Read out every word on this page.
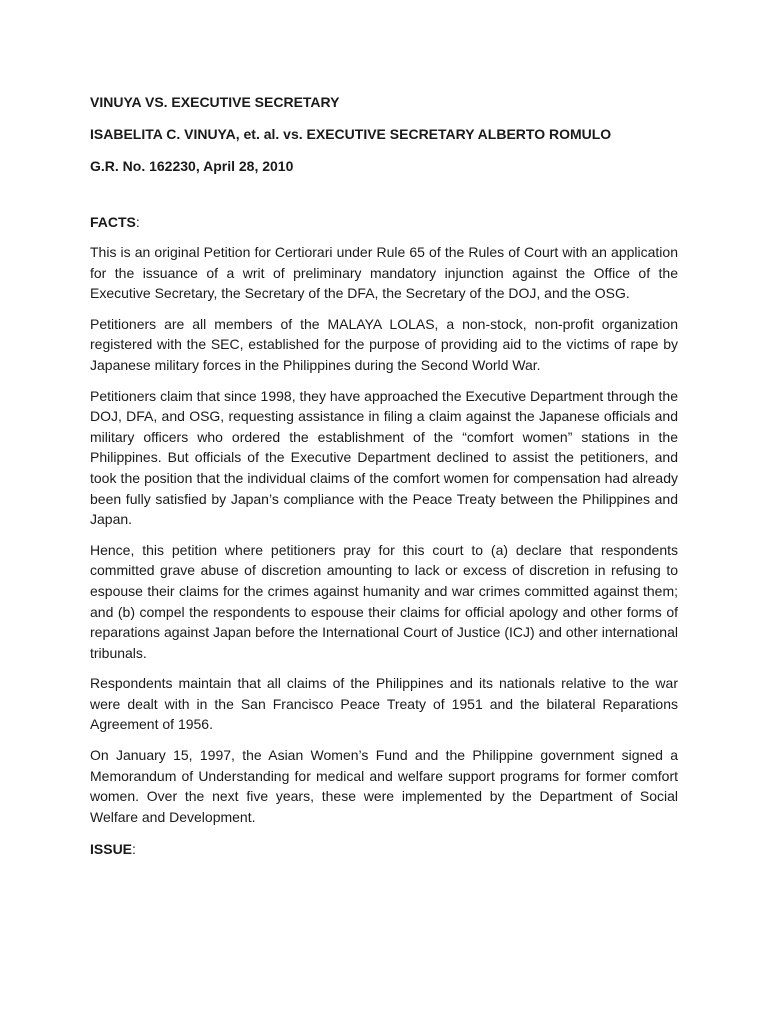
VINUYA VS. EXECUTIVE SECRETARY
ISABELITA C. VINUYA, et. al. vs. EXECUTIVE SECRETARY ALBERTO ROMULO
G.R. No. 162230, April 28, 2010
FACTS:

This is an original Petition for Certiorari under Rule 65 of the Rules of Court with an application for the issuance of a writ of preliminary mandatory injunction against the Office of the Executive Secretary, the Secretary of the DFA, the Secretary of the DOJ, and the OSG.

Petitioners are all members of the MALAYA LOLAS, a non-stock, non-profit organization registered with the SEC, established for the purpose of providing aid to the victims of rape by Japanese military forces in the Philippines during the Second World War.

Petitioners claim that since 1998, they have approached the Executive Department through the DOJ, DFA, and OSG, requesting assistance in filing a claim against the Japanese officials and military officers who ordered the establishment of the “comfort women” stations in the Philippines. But officials of the Executive Department declined to assist the petitioners, and took the position that the individual claims of the comfort women for compensation had already been fully satisfied by Japan’s compliance with the Peace Treaty between the Philippines and Japan.

Hence, this petition where petitioners pray for this court to (a) declare that respondents committed grave abuse of discretion amounting to lack or excess of discretion in refusing to espouse their claims for the crimes against humanity and war crimes committed against them; and (b) compel the respondents to espouse their claims for official apology and other forms of reparations against Japan before the International Court of Justice (ICJ) and other international tribunals.

Respondents maintain that all claims of the Philippines and its nationals relative to the war were dealt with in the San Francisco Peace Treaty of 1951 and the bilateral Reparations Agreement of 1956.

On January 15, 1997, the Asian Women’s Fund and the Philippine government signed a Memorandum of Understanding for medical and welfare support programs for former comfort women. Over the next five years, these were implemented by the Department of Social Welfare and Development.

ISSUE:
